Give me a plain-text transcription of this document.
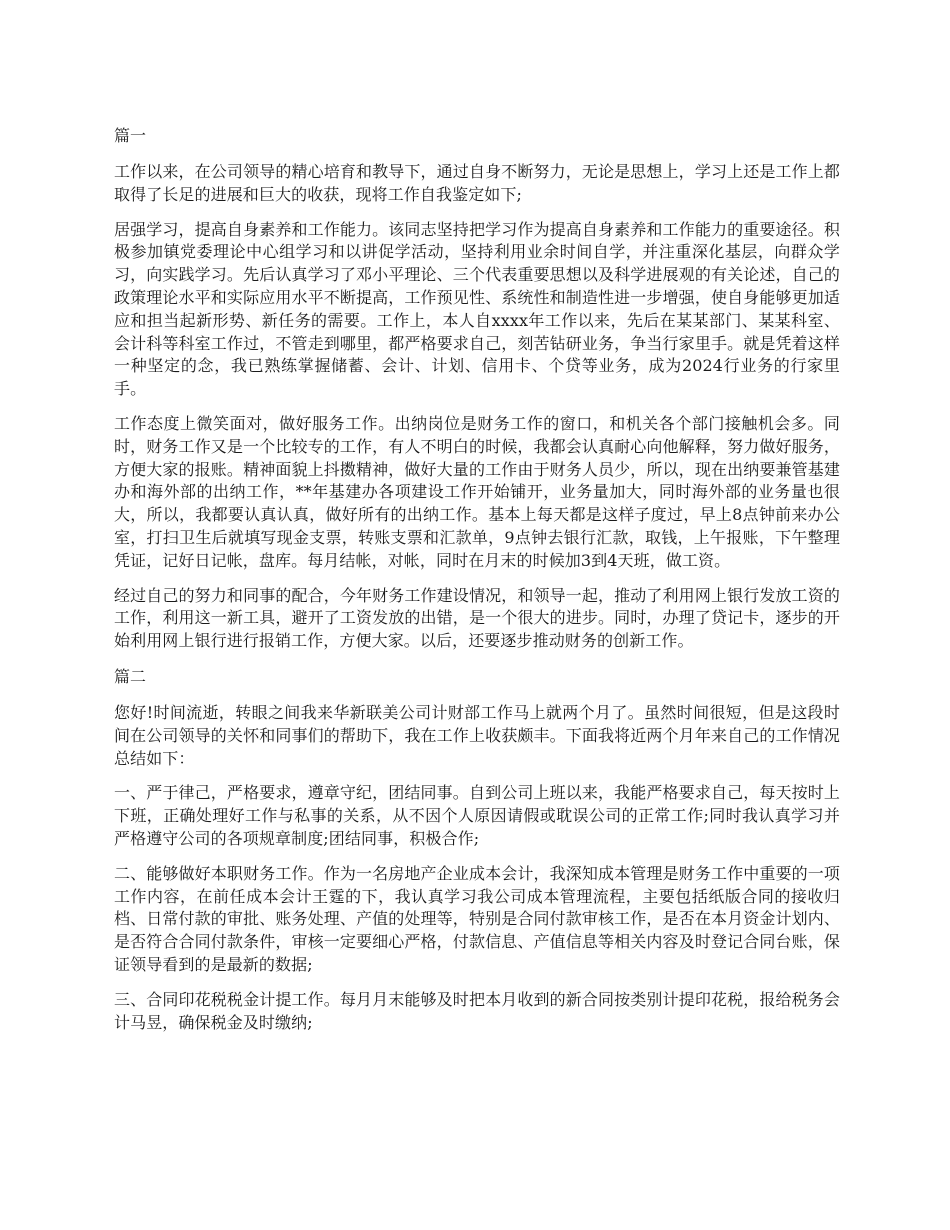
篇一

工作以来，在公司领导的精心培育和教导下，通过自身不断努力，无论是思想上，学习上还是工作上都取得了长足的进展和巨大的收获，现将工作自我鉴定如下;

居强学习，提高自身素养和工作能力。该同志坚持把学习作为提高自身素养和工作能力的重要途径。积极参加镇党委理论中心组学习和以讲促学活动，坚持利用业余时间自学，并注重深化基层，向群众学习，向实践学习。先后认真学习了邓小平理论、三个代表重要思想以及科学进展观的有关论述，自己的政策理论水平和实际应用水平不断提高，工作预见性、系统性和制造性进一步增强，使自身能够更加适应和担当起新形势、新任务的需要。工作上，本人自xxxx年工作以来，先后在某某部门、某某科室、会计科等科室工作过，不管走到哪里，都严格要求自己，刻苦钻研业务，争当行家里手。就是凭着这样一种坚定的念，我已熟练掌握储蓄、会计、计划、信用卡、个贷等业务，成为2024行业务的行家里手。

工作态度上微笑面对，做好服务工作。出纳岗位是财务工作的窗口，和机关各个部门接触机会多。同时，财务工作又是一个比较专的工作，有人不明白的时候，我都会认真耐心向他解释，努力做好服务，方便大家的报账。精神面貌上抖擞精神，做好大量的工作由于财务人员少，所以，现在出纳要兼管基建办和海外部的出纳工作，**年基建办各项建设工作开始铺开，业务量加大，同时海外部的业务量也很大，所以，我都要认真认真，做好所有的出纳工作。基本上每天都是这样子度过，早上8点钟前来办公室，打扫卫生后就填写现金支票，转账支票和汇款单，9点钟去银行汇款，取钱，上午报账，下午整理凭证，记好日记帐，盘库。每月结帐，对帐，同时在月末的时候加3到4天班，做工资。

经过自己的努力和同事的配合，今年财务工作建设情况，和领导一起，推动了利用网上银行发放工资的工作，利用这一新工具，避开了工资发放的出错，是一个很大的进步。同时，办理了贷记卡，逐步的开始利用网上银行进行报销工作，方便大家。以后，还要逐步推动财务的创新工作。

篇二

您好!时间流逝，转眼之间我来华新联美公司计财部工作马上就两个月了。虽然时间很短，但是这段时间在公司领导的关怀和同事们的帮助下，我在工作上收获颇丰。下面我将近两个月年来自己的工作情况总结如下：

一、严于律己，严格要求，遵章守纪，团结同事。自到公司上班以来，我能严格要求自己，每天按时上下班，正确处理好工作与私事的关系，从不因个人原因请假或耽误公司的正常工作;同时我认真学习并严格遵守公司的各项规章制度;团结同事，积极合作;

二、能够做好本职财务工作。作为一名房地产企业成本会计，我深知成本管理是财务工作中重要的一项工作内容，在前任成本会计王霆的下，我认真学习我公司成本管理流程，主要包括纸版合同的接收归档、日常付款的审批、账务处理、产值的处理等，特别是合同付款审核工作，是否在本月资金计划内、是否符合合同付款条件，审核一定要细心严格，付款信息、产值信息等相关内容及时登记合同台账，保证领导看到的是最新的数据;

三、合同印花税税金计提工作。每月月末能够及时把本月收到的新合同按类别计提印花税，报给税务会计马昱，确保税金及时缴纳;
